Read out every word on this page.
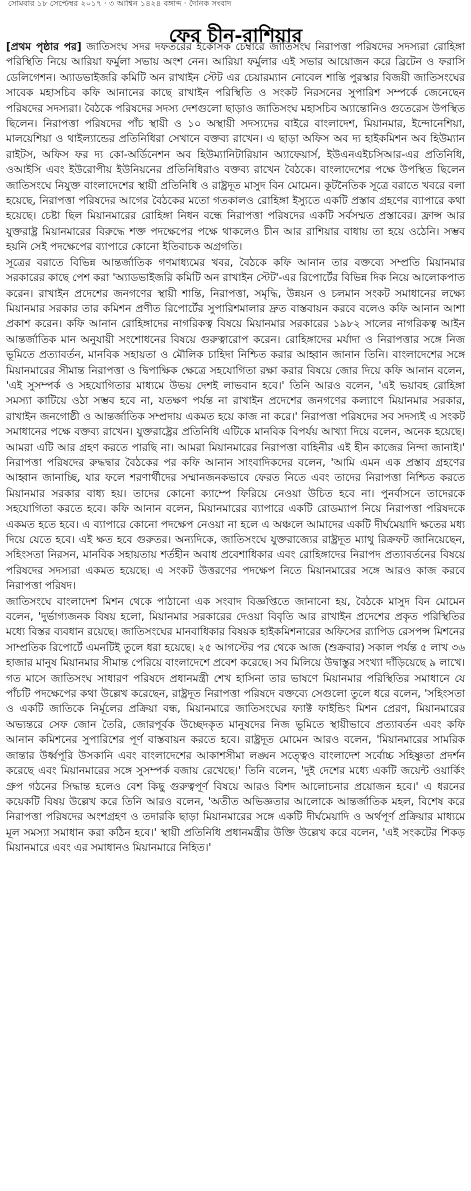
সোমবার ১৮ সেপ্টেম্বর ২০১৭ · ৩ আশ্বিন ১৪২৪ বঙ্গাব্দ · দৈনিক সংবাদ
ফের চীন-রাশিয়ার

[প্রথম পৃষ্ঠার পর] জাতিসংঘ সদর দফতরের ইকোসক চেম্বারে জাতিসংঘ নিরাপত্তা পরিষদের সদস্যরা রোহিঙ্গা পরিস্থিতি নিয়ে আরিয়া ফর্মুলা সভায় অংশ নেন। আরিয়া ফর্মুলার এই সভার আয়োজন করে ব্রিটেন ও ফরাসি ডেলিগেশন। অ্যাডভাইজরি কমিটি অন রাখাইন স্টেট এর চেয়ারম্যান নোবেল শান্তি পুরস্কার বিজয়ী জাতিসংঘের সাবেক মহাসচিব কফি আনানের কাছে রাখাইন পরিস্থিতি ও সংকট নিরসনের সুপারিশ সম্পর্কে জেনেছেন পরিষদের সদস্যরা। বৈঠকে পরিষদের সদস্য দেশগুলো ছাড়াও জাতিসংঘ মহাসচিব অ্যান্তোনিও গুতেরেস উপস্থিত ছিলেন। নিরাপত্তা পরিষদের পাঁচ স্থায়ী ও ১০ অস্থায়ী সদস্যদের বাইরে বাংলাদেশ, মিয়ানমার, ইন্দোনেশিয়া, মালয়েশিয়া ও থাইল্যান্ডের প্রতিনিধিরা সেখানে বক্তব্য রাখেন। এ ছাড়া অফিস অব দ্য হাইকমিশন অব হিউম্যান রাইটস, অফিস ফর দ্য কো-অর্ডিনেশন অব হিউম্যানিটারিয়ান অ্যাফেয়ার্স, ইউএনএইচসিআর-এর প্রতিনিধি, ওআইসি এবং ইউরোপীয় ইউনিয়নের প্রতিনিধিরাও বক্তব্য রাখেন বৈঠকে। বাংলাদেশের পক্ষে উপস্থিত ছিলেন জাতিসংঘে নিযুক্ত বাংলাদেশের স্থায়ী প্রতিনিধি ও রাষ্ট্রদূত মাসুদ বিন মোমেন। কূটনৈতিক সূত্রে বরাতে খবরে বলা হয়েছে, নিরাপত্তা পরিষদের আগের বৈঠকের মতো গতকালও রোহিঙ্গা ইস্যুতে একটি প্রস্তাব গ্রহণের ব্যাপারে কথা হয়েছে। চেষ্টা ছিল মিয়ানমারের রোহিঙ্গা নিধন বন্ধে নিরাপত্তা পরিষদের একটি সর্বসম্মত প্রস্তাবের। ফ্রান্স আর যুক্তরাষ্ট্র মিয়ানমারের বিরুদ্ধে শক্ত পদক্ষেপের পক্ষে থাকলেও চীন আর রাশিয়ার বাধায় তা হয়ে ওঠেনি। সম্ভব হয়নি সেই পদক্ষেপের ব্যাপারে কোনো ইতিবাচক অগ্রগতি।

সূত্রের বরাতে বিভিন্ন আন্তর্জাতিক গণমাধ্যমের খবর, বৈঠকে কফি আনান তার বক্তব্যে সম্প্রতি মিয়ানমার সরকারের কাছে পেশ করা 'অ্যাডভাইজরি কমিটি অন রাখাইন স্টেট'-এর রিপোর্টের বিভিন্ন দিক নিয়ে আলোকপাত করেন। রাখাইন প্রদেশের জনগণের স্থায়ী শান্তি, নিরাপত্তা, সমৃদ্ধি, উন্নয়ন ও চলমান সংকট সমাধানের লক্ষ্যে মিয়ানমার সরকার তার কমিশন প্রণীত রিপোর্টের সুপারিশমালার দ্রুত বাস্তবায়ন করবে বলেও কফি আনান আশা প্রকাশ করেন। কফি আনান রোহিঙ্গাদের নাগরিকত্ব বিষয়ে মিয়ানমার সরকারের ১৯৮২ সালের নাগরিকত্ব আইন আন্তর্জাতিক মান অনুযায়ী সংশোধনের বিষয়ে গুরুত্বারোপ করেন। রোহিঙ্গাদের মর্যাদা ও নিরাপত্তার সঙ্গে নিজ ভূমিতে প্রত্যাবর্তন, মানবিক সহায়তা ও মৌলিক চাহিদা নিশ্চিত করার আহ্বান জানান তিনি। বাংলাদেশের সঙ্গে মিয়ানমারের সীমান্ত নিরাপত্তা ও দ্বিপাক্ষিক ক্ষেত্রে সহযোগিতা রক্ষা করার বিষয়ে জোর দিয়ে কফি আনান বলেন, 'এই সুসম্পর্ক ও সহযোগিতার মাধ্যমে উভয় দেশই লাভবান হবে।' তিনি আরও বলেন, 'এই ভয়াবহ রোহিঙ্গা সমস্যা কাটিয়ে ওঠা সম্ভব হবে না, যতক্ষণ পর্যন্ত না রাখাইন প্রদেশের জনগণের কল্যাণে মিয়ানমার সরকার, রাখাইন জনগোষ্ঠী ও আন্তর্জাতিক সম্প্রদায় একমত হয়ে কাজ না করে।' নিরাপত্তা পরিষদের সব সদস্যই এ সংকট সমাধানের পক্ষে বক্তব্য রাখেন। যুক্তরাষ্ট্রের প্রতিনিধি এটিকে মানবিক বিপর্যয় আখ্যা দিয়ে বলেন, অনেক হয়েছে। আমরা এটি আর গ্রহণ করতে পারছি না। আমরা মিয়ানমারের নিরাপত্তা বাহিনীর এই হীন কাজের নিন্দা জানাই।' নিরাপত্তা পরিষদের রুদ্ধদ্বার বৈঠকের পর কফি আনান সাংবাদিকদের বলেন, 'আমি এমন এক প্রস্তাব গ্রহণের আহ্বান জানাচ্ছি, যার ফলে শরণার্থীদের সম্মানজনকভাবে ফেরত নিতে এবং তাদের নিরাপত্তা নিশ্চিত করতে মিয়ানমার সরকার বাধ্য হয়। তাদের কোনো ক্যাম্পে ফিরিয়ে নেওয়া উচিত হবে না। পুনর্বাসনে তাদেরকে সহযোগিতা করতে হবে। কফি আনান বলেন, মিয়ানমারের ব্যাপারে একটি রোডম্যাপ নিয়ে নিরাপত্তা পরিষদকে একমত হতে হবে। এ ব্যাপারে কোনো পদক্ষেপ নেওয়া না হলে এ অঞ্চলে আমাদের একটি দীর্ঘমেয়াদি ক্ষতের মধ্য দিয়ে যেতে হবে। এই ক্ষত হবে গুরুতর। অন্যদিকে, জাতিসংঘে যুক্তরাজ্যের রাষ্ট্রদূত ম্যাথু রিক্রফট জানিয়েছেন, সহিংসতা নিরসন, মানবিক সহায়তায় শর্তহীন অবাধ প্রবেশাধিকার এবং রোহিঙ্গাদের নিরাপদ প্রত্যাবর্তনের বিষয়ে পরিষদের সদস্যরা একমত হয়েছে। এ সংকট উত্তরণের পদক্ষেপ নিতে মিয়ানমারের সঙ্গে আরও কাজ করবে নিরাপত্তা পরিষদ।

জাতিসংঘে বাংলাদেশ মিশন থেকে পাঠানো এক সংবাদ বিজ্ঞপ্তিতে জানানো হয়, বৈঠকে মাসুদ বিন মোমেন বলেন, 'দুর্ভাগ্যজনক বিষয় হলো, মিয়ানমার সরকারের দেওয়া বিবৃতি আর রাখাইন প্রদেশের প্রকৃত পরিস্থিতির মধ্যে বিস্তর ব্যবধান রয়েছে। জাতিসংঘের মানবাধিকার বিষয়ক হাইকমিশনারের অফিসের র‌্যাপিড রেসপন্স মিশনের সাম্প্রতিক রিপোর্টে এমনটিই তুলে ধরা হয়েছে। ২৫ আগস্টের পর থেকে আজ (শুক্রবার) সকাল পর্যন্ত ৫ লাখ ৩৬ হাজার মানুষ মিয়ানমার সীমান্ত পেরিয়ে বাংলাদেশে প্রবেশ করেছে। সব মিলিয়ে উদ্বাস্তুর সংখ্যা দাঁড়িয়েছে ৯ লাখে। গত মাসে জাতিসংঘ সাধারণ পরিষদে প্রধানমন্ত্রী শেখ হাসিনা তার ভাষণে মিয়ানমার পরিস্থিতির সমাধানে যে পাঁচটি পদক্ষেপের কথা উল্লেখ করেছেন, রাষ্ট্রদূত নিরাপত্তা পরিষদে বক্তব্যে সেগুলো তুলে ধরে বলেন, 'সহিংসতা ও একটি জাতিকে নির্মূলের প্রক্রিয়া বন্ধ, মিয়ানমারে জাতিসংঘের ফ্যাক্ট ফাইন্ডিং মিশন প্রেরণ, মিয়ানমারের অভ্যন্তরে সেফ জোন তৈরি, জোরপূর্বক উচ্ছেদকৃত মানুষদের নিজ ভূমিতে স্থায়ীভাবে প্রত্যাবর্তন এবং কফি আনান কমিশনের সুপারিশের পূর্ণ বাস্তবায়ন করতে হবে। রাষ্ট্রদূত মোমেন আরও বলেন, 'মিয়ানমারের সামরিক জান্তার উর্ধ্বপূরি উসকানি এবং বাংলাদেশের আকাশসীমা লঙ্ঘন সত্ত্বেও বাংলাদেশ সর্বোচ্চ সহিষ্ণুতা প্রদর্শন করেছে এবং মিয়ানমারের সঙ্গে সুসম্পর্ক বজায় রেখেছে।' তিনি বলেন, 'দুই দেশের মধ্যে একটি জয়েন্ট ওয়ার্কিং গ্রুপ গঠনের সিদ্ধান্ত হলেও বেশ কিছু গুরুত্বপূর্ণ বিষয়ে আরও বিশদ আলোচনার প্রয়োজন হবে।' এ ধরনের কয়েকটি বিষয় উল্লেখ করে তিনি আরও বলেন, 'অতীত অভিজ্ঞতার আলোকে আন্তর্জাতিক মহল, বিশেষ করে নিরাপত্তা পরিষদের অংশগ্রহণ ও তদারকি ছাড়া মিয়ানমারের সঙ্গে একটি দীর্ঘমেয়াদি ও অর্থপূর্ণ প্রক্রিয়ার মাধ্যমে মূল সমস্যা সমাধান করা কঠিন হবে।' স্থায়ী প্রতিনিধি প্রধানমন্ত্রীর উক্তি উল্লেখ করে বলেন, 'এই সংকটের শিকড় মিয়ানমারে এবং এর সমাধানও মিয়ানমারে নিহিত।'
